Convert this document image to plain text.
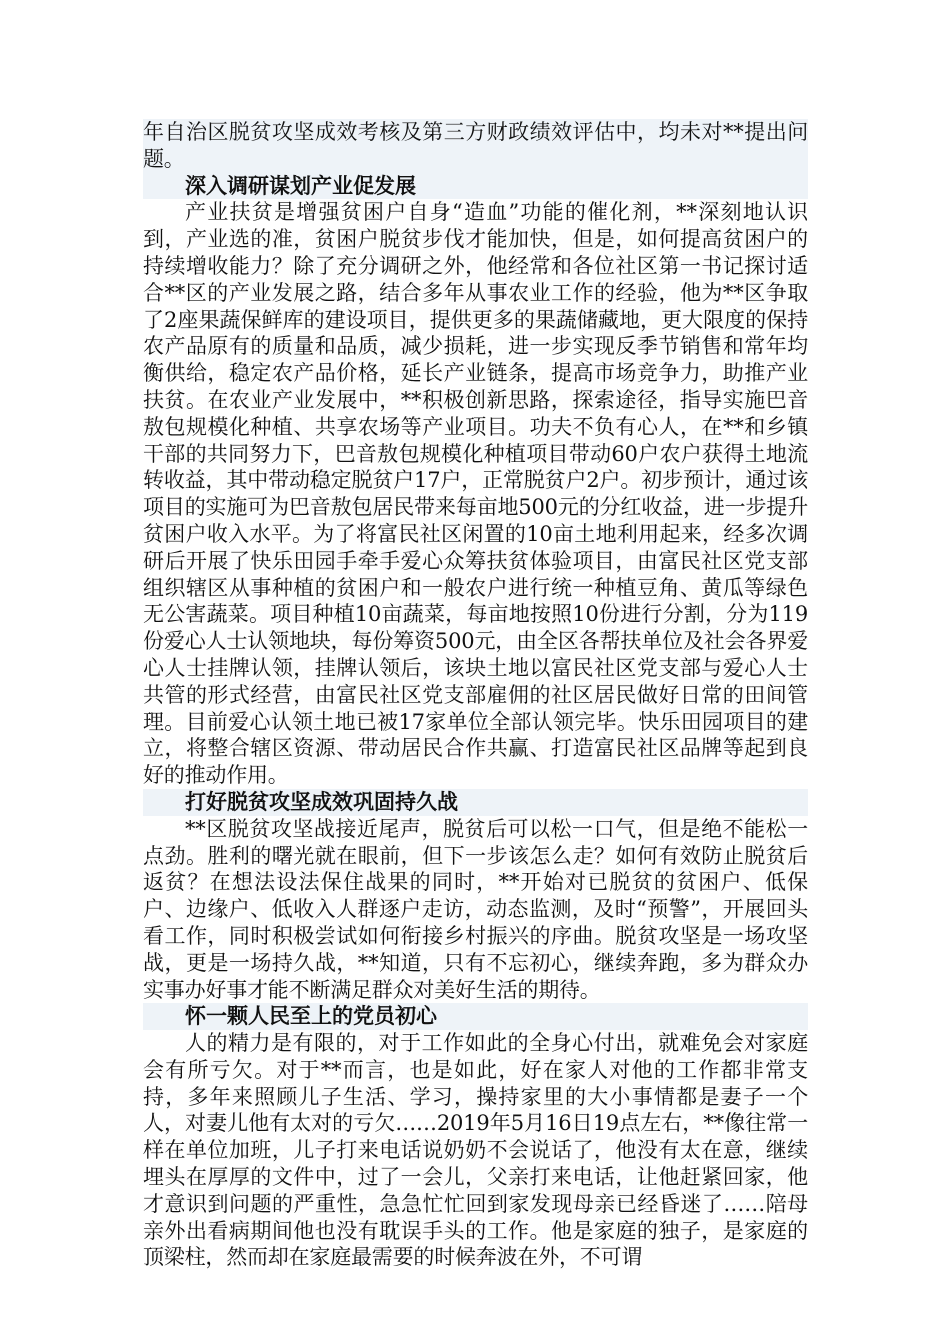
年自治区脱贫攻坚成效考核及第三方财政绩效评估中，均未对**提出问题。

深入调研谋划产业促发展

产业扶贫是增强贫困户自身“造血”功能的催化剂，**深刻地认识到，产业选的准，贫困户脱贫步伐才能加快，但是，如何提高贫困户的持续增收能力？除了充分调研之外，他经常和各位社区第一书记探讨适合**区的产业发展之路，结合多年从事农业工作的经验，他为**区争取了2座果蔬保鲜库的建设项目，提供更多的果蔬储藏地，更大限度的保持农产品原有的质量和品质，减少损耗，进一步实现反季节销售和常年均衡供给，稳定农产品价格，延长产业链条，提高市场竞争力，助推产业扶贫。在农业产业发展中，**积极创新思路，探索途径，指导实施巴音敖包规模化种植、共享农场等产业项目。功夫不负有心人，在**和乡镇干部的共同努力下，巴音敖包规模化种植项目带动60户农户获得土地流转收益，其中带动稳定脱贫户17户，正常脱贫户2户。初步预计，通过该项目的实施可为巴音敖包居民带来每亩地500元的分红收益，进一步提升贫困户收入水平。为了将富民社区闲置的10亩土地利用起来，经多次调研后开展了快乐田园手牵手爱心众筹扶贫体验项目，由富民社区党支部组织辖区从事种植的贫困户和一般农户进行统一种植豆角、黄瓜等绿色无公害蔬菜。项目种植10亩蔬菜，每亩地按照10份进行分割，分为119份爱心人士认领地块，每份筹资500元，由全区各帮扶单位及社会各界爱心人士挂牌认领，挂牌认领后，该块土地以富民社区党支部与爱心人士共管的形式经营，由富民社区党支部雇佣的社区居民做好日常的田间管理。目前爱心认领土地已被17家单位全部认领完毕。快乐田园项目的建立，将整合辖区资源、带动居民合作共赢、打造富民社区品牌等起到良好的推动作用。

打好脱贫攻坚成效巩固持久战

**区脱贫攻坚战接近尾声，脱贫后可以松一口气，但是绝不能松一点劲。胜利的曙光就在眼前，但下一步该怎么走？如何有效防止脱贫后返贫？在想法设法保住战果的同时，**开始对已脱贫的贫困户、低保户、边缘户、低收入人群逐户走访，动态监测，及时“预警”，开展回头看工作，同时积极尝试如何衔接乡村振兴的序曲。脱贫攻坚是一场攻坚战，更是一场持久战，**知道，只有不忘初心，继续奔跑，多为群众办实事办好事才能不断满足群众对美好生活的期待。

怀一颗人民至上的党员初心

人的精力是有限的，对于工作如此的全身心付出，就难免会对家庭会有所亏欠。对于**而言，也是如此，好在家人对他的工作都非常支持，多年来照顾儿子生活、学习，操持家里的大小事情都是妻子一个人，对妻儿他有太对的亏欠……2019年5月16日19点左右，**像往常一样在单位加班，儿子打来电话说奶奶不会说话了，他没有太在意，继续埋头在厚厚的文件中，过了一会儿，父亲打来电话，让他赶紧回家，他才意识到问题的严重性，急急忙忙回到家发现母亲已经昏迷了……陪母亲外出看病期间他也没有耽误手头的工作。他是家庭的独子，是家庭的顶梁柱，然而却在家庭最需要的时候奔波在外，不可谓
